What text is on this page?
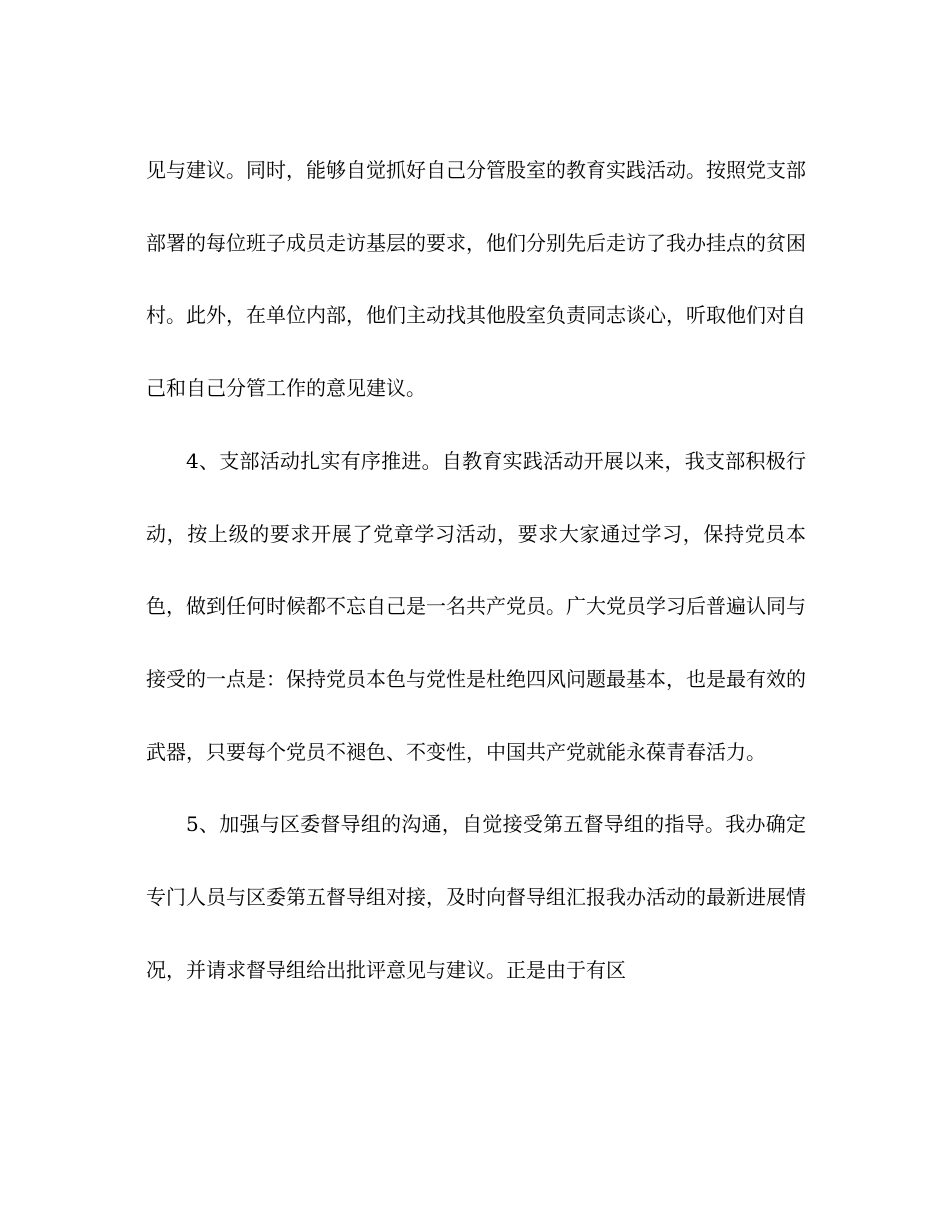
见与建议。同时，能够自觉抓好自己分管股室的教育实践活动。按照党支部部署的每位班子成员走访基层的要求，他们分别先后走访了我办挂点的贫困村。此外，在单位内部，他们主动找其他股室负责同志谈心，听取他们对自己和自己分管工作的意见建议。

4、支部活动扎实有序推进。自教育实践活动开展以来，我支部积极行动，按上级的要求开展了党章学习活动，要求大家通过学习，保持党员本色，做到任何时候都不忘自己是一名共产党员。广大党员学习后普遍认同与接受的一点是：保持党员本色与党性是杜绝四风问题最基本，也是最有效的武器，只要每个党员不褪色、不变性，中国共产党就能永葆青春活力。

5、加强与区委督导组的沟通，自觉接受第五督导组的指导。我办确定专门人员与区委第五督导组对接，及时向督导组汇报我办活动的最新进展情况，并请求督导组给出批评意见与建议。正是由于有区
